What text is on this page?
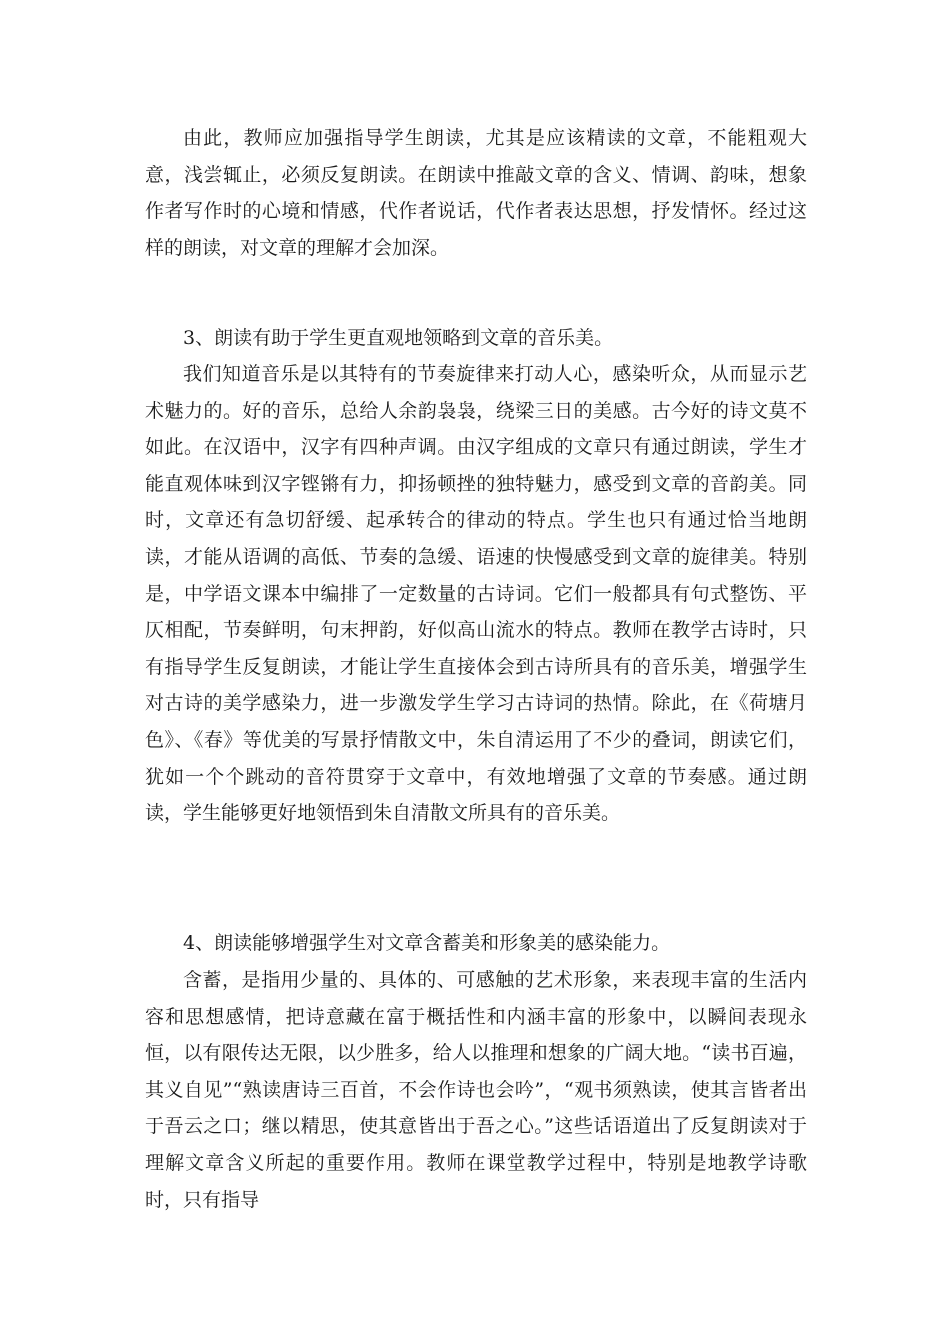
由此，教师应加强指导学生朗读，尤其是应该精读的文章，不能粗观大意，浅尝辄止，必须反复朗读。在朗读中推敲文章的含义、情调、韵味，想象作者写作时的心境和情感，代作者说话，代作者表达思想，抒发情怀。经过这样的朗读，对文章的理解才会加深。

3、朗读有助于学生更直观地领略到文章的音乐美。

我们知道音乐是以其特有的节奏旋律来打动人心，感染听众，从而显示艺术魅力的。好的音乐，总给人余韵袅袅，绕梁三日的美感。古今好的诗文莫不如此。在汉语中，汉字有四种声调。由汉字组成的文章只有通过朗读，学生才能直观体味到汉字铿锵有力，抑扬顿挫的独特魅力，感受到文章的音韵美。同时，文章还有急切舒缓、起承转合的律动的特点。学生也只有通过恰当地朗读，才能从语调的高低、节奏的急缓、语速的快慢感受到文章的旋律美。特别是，中学语文课本中编排了一定数量的古诗词。它们一般都具有句式整饬、平仄相配，节奏鲜明，句末押韵，好似高山流水的特点。教师在教学古诗时，只有指导学生反复朗读，才能让学生直接体会到古诗所具有的音乐美，增强学生对古诗的美学感染力，进一步激发学生学习古诗词的热情。除此，在《荷塘月色》、《春》等优美的写景抒情散文中，朱自清运用了不少的叠词，朗读它们，犹如一个个跳动的音符贯穿于文章中，有效地增强了文章的节奏感。通过朗读，学生能够更好地领悟到朱自清散文所具有的音乐美。

4、朗读能够增强学生对文章含蓄美和形象美的感染能力。

含蓄，是指用少量的、具体的、可感触的艺术形象，来表现丰富的生活内容和思想感情，把诗意藏在富于概括性和内涵丰富的形象中，以瞬间表现永恒，以有限传达无限，以少胜多，给人以推理和想象的广阔大地。“读书百遍，其义自见”“熟读唐诗三百首，不会作诗也会吟”，“观书须熟读，使其言皆者出于吾云之口；继以精思，使其意皆出于吾之心。”这些话语道出了反复朗读对于理解文章含义所起的重要作用。教师在课堂教学过程中，特别是地教学诗歌时，只有指导
